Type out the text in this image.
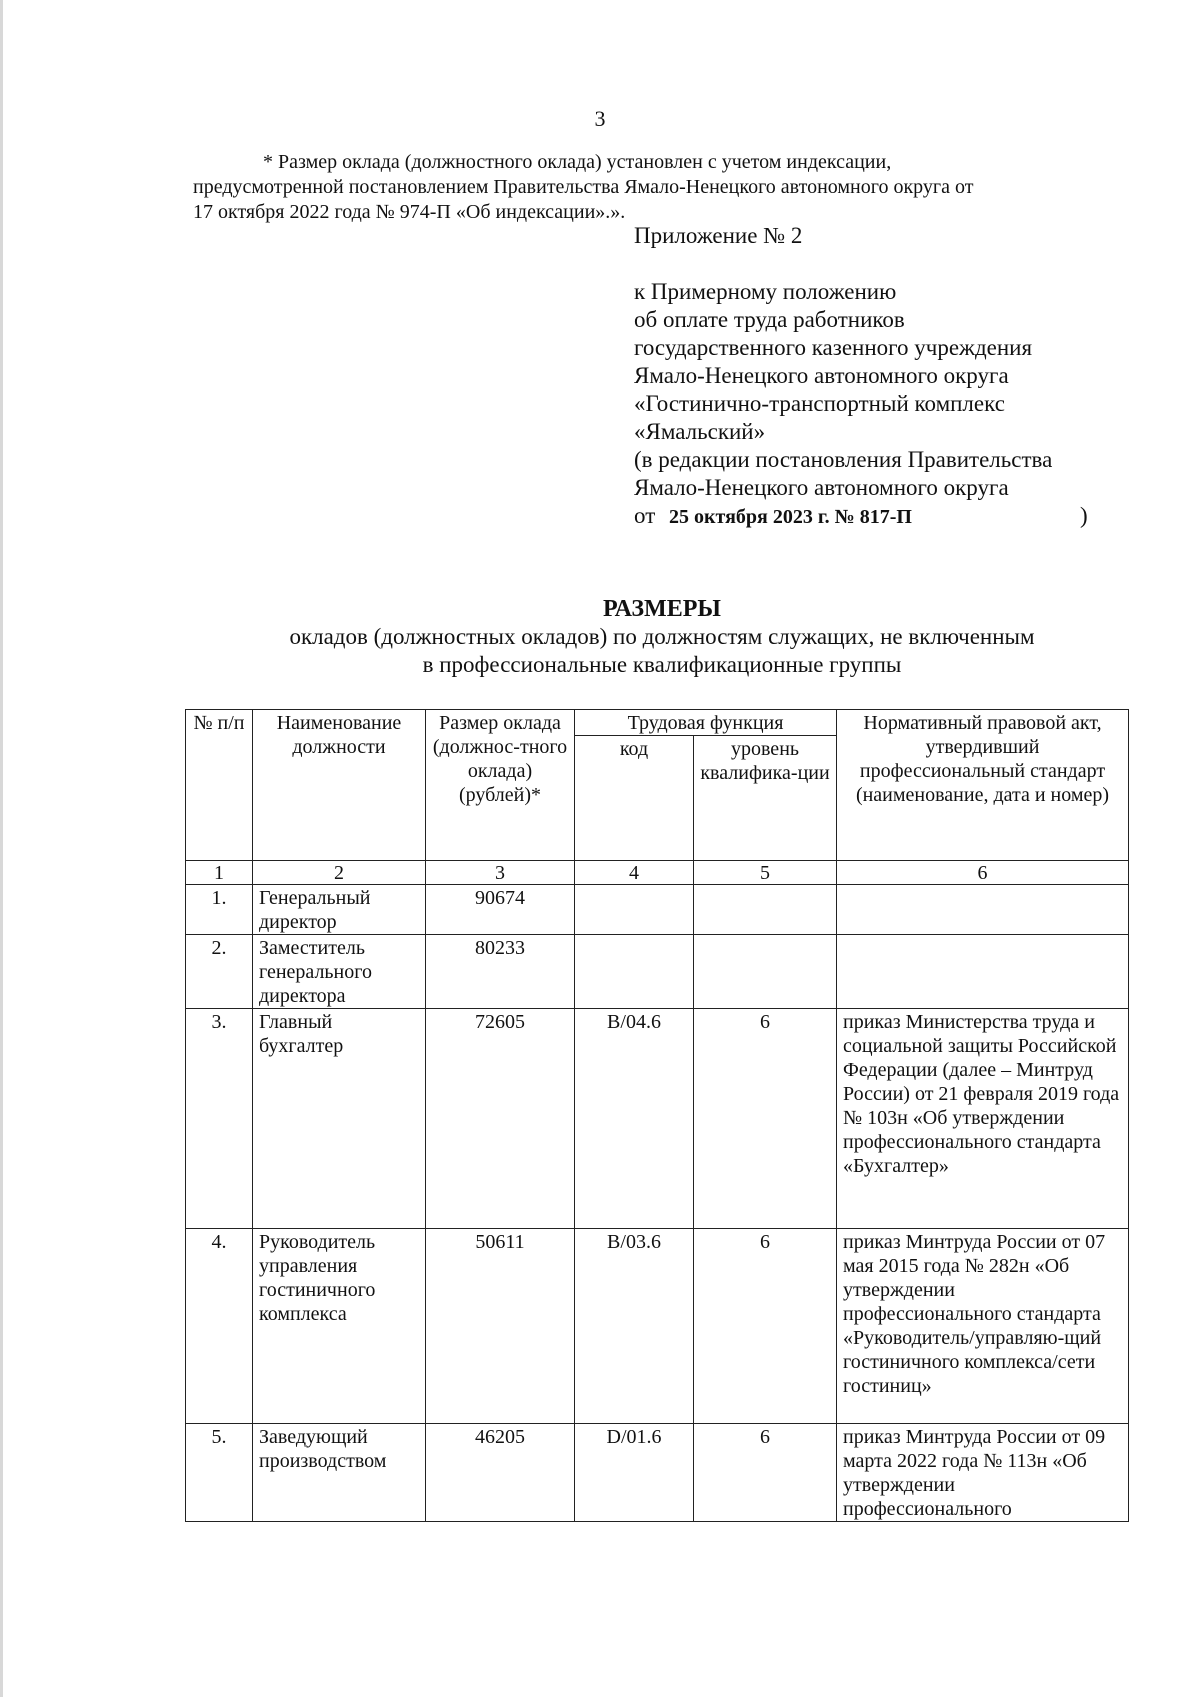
3

* Размер оклада (должностного оклада) установлен с учетом индексации,

предусмотренной постановлением Правительства Ямало-Ненецкого автономного округа от

17 октября 2022 года № 974-П «Об индексации».».

Приложение № 2
к Примерному положению
об оплате труда работников
государственного казенного учреждения
Ямало-Ненецкого автономного округа
«Гостинично-транспортный комплекс
«Ямальский»
(в редакции постановления Правительства
Ямало-Ненецкого автономного округа
от 25 октября 2023 г. № 817-П	)
РАЗМЕРЫ
окладов (должностных окладов) по должностям служащих, не включенным
в профессиональные квалификационные группы
№ п/п	Наименование должности	Размер оклада (должнос-тного оклада) (рублей)*	Трудовая функция		Нормативный правовой акт, утвердивший профессиональный стандарт (наименование, дата и номер)
			код	уровень квалифика-ции	
1	2	3	4	5	6
1.	Генеральный директор	90674			
2.	Заместитель генерального директора	80233			
3.	Главный бухгалтер	72605	В/04.6	6	приказ Министерства труда и социальной защиты Российской Федерации (далее – Минтруд России) от 21 февраля 2019 года № 103н «Об утверждении профессионального стандарта «Бухгалтер»
4.	Руководитель управления гостиничного комплекса	50611	В/03.6	6	приказ Минтруда России от 07 мая 2015 года № 282н «Об утверждении профессионального стандарта «Руководитель/управляю-щий гостиничного комплекса/сети гостиниц»
5.	Заведующий производством	46205	D/01.6	6	приказ Минтруда России от 09 марта 2022 года № 113н «Об утверждении профессионального
